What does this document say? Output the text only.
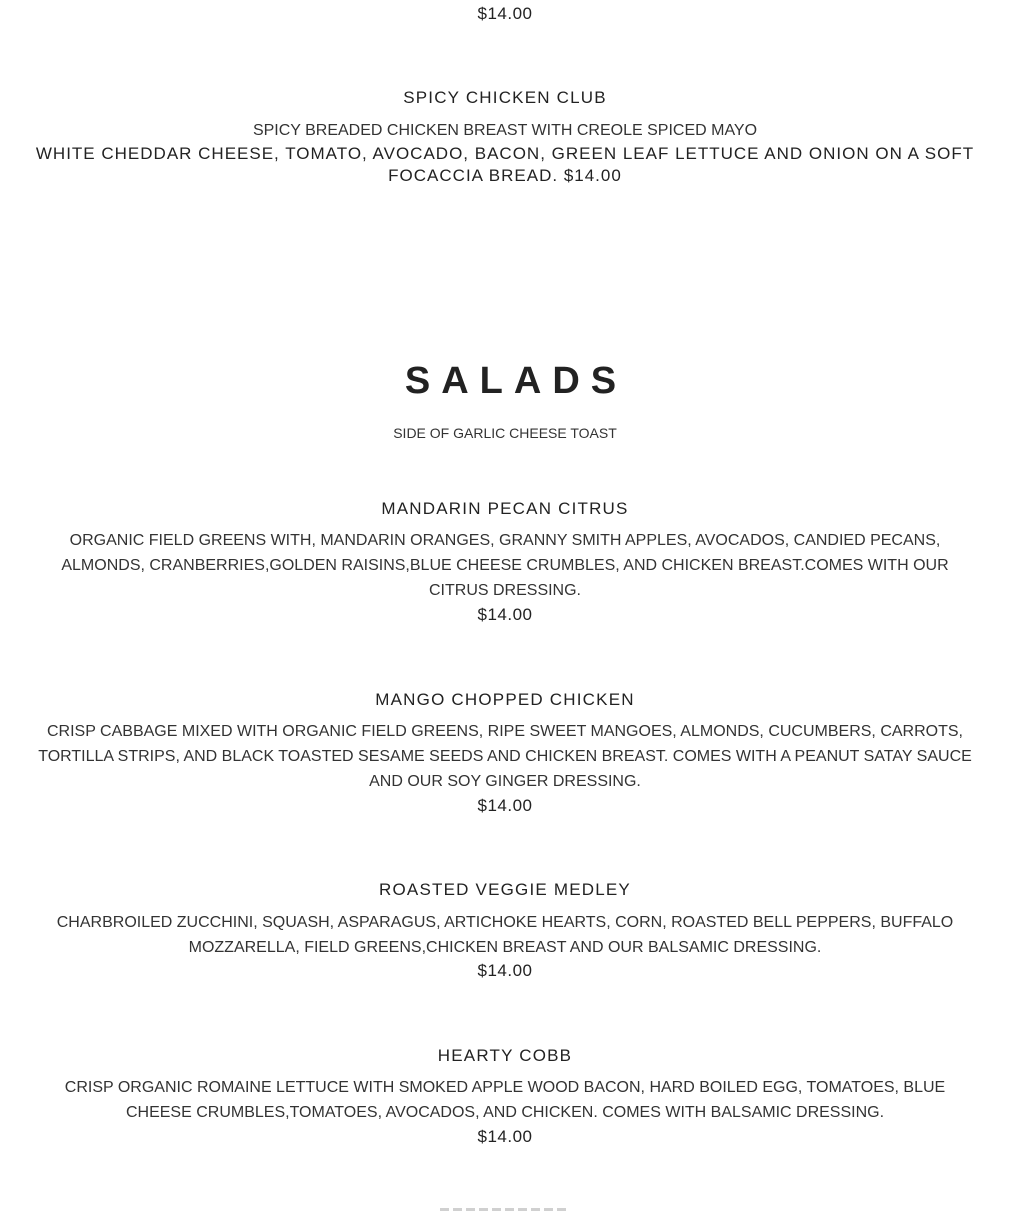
$14.00
SPICY CHICKEN CLUB
SPICY BREADED CHICKEN BREAST WITH CREOLE SPICED MAYO
WHITE CHEDDAR CHEESE, TOMATO, AVOCADO, BACON, GREEN LEAF LETTUCE AND ONION ON A SOFT FOCACCIA BREAD. $14.00
SALADS
SIDE OF GARLIC CHEESE TOAST
MANDARIN PECAN CITRUS
ORGANIC FIELD GREENS WITH, MANDARIN ORANGES, GRANNY SMITH APPLES, AVOCADOS, CANDIED PECANS, ALMONDS, CRANBERRIES,GOLDEN RAISINS,BLUE CHEESE CRUMBLES, AND CHICKEN BREAST.COMES WITH OUR CITRUS DRESSING.
$14.00
MANGO CHOPPED CHICKEN
CRISP CABBAGE MIXED WITH ORGANIC FIELD GREENS, RIPE SWEET MANGOES, ALMONDS, CUCUMBERS, CARROTS, TORTILLA STRIPS, AND BLACK TOASTED SESAME SEEDS AND CHICKEN BREAST. COMES WITH A PEANUT SATAY SAUCE AND OUR SOY GINGER DRESSING.
$14.00
ROASTED VEGGIE MEDLEY
CHARBROILED ZUCCHINI, SQUASH, ASPARAGUS, ARTICHOKE HEARTS, CORN, ROASTED BELL PEPPERS, BUFFALO MOZZARELLA, FIELD GREENS,CHICKEN BREAST AND OUR BALSAMIC DRESSING.
$14.00
HEARTY COBB
CRISP ORGANIC ROMAINE LETTUCE WITH SMOKED APPLE WOOD BACON, HARD BOILED EGG, TOMATOES, BLUE CHEESE CRUMBLES,TOMATOES, AVOCADOS, AND CHICKEN. COMES WITH BALSAMIC DRESSING.
$14.00
